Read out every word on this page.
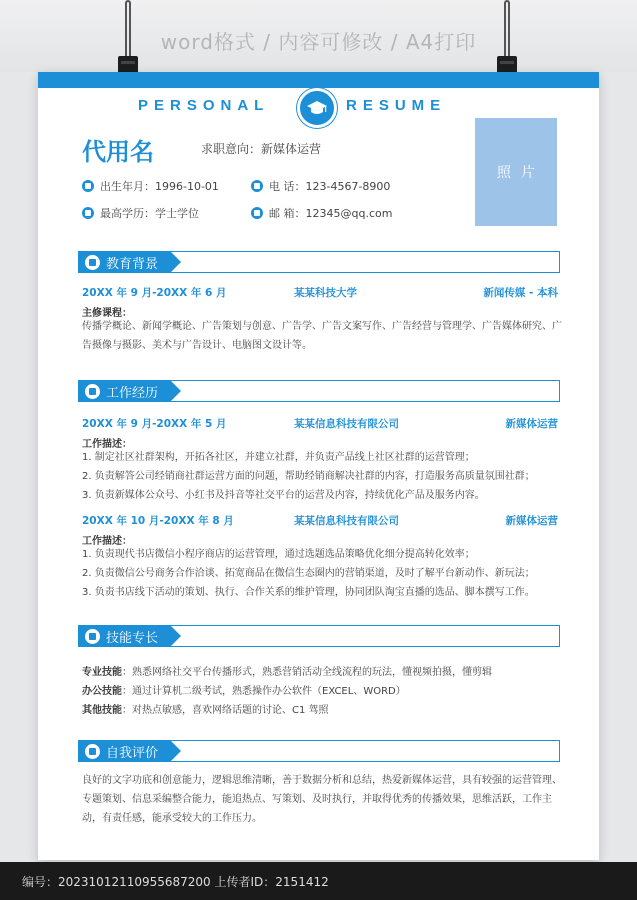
word格式 / 内容可修改 / A4打印
PERSONAL	RESUME
代用名	求职意向：新媒体运营
照片
出生年月：1996-10-01	电 话：123-4567-8900
最高学历：学士学位	邮 箱：12345@qq.com
教育背景
20XX 年 9 月-20XX 年 6 月	某某科技大学	新闻传媒 - 本科
主修课程：
传播学概论、新闻学概论、广告策划与创意、广告学、广告文案写作、广告经营与管理学、广告媒体研究、广告摄像与摄影、美术与广告设计、电脑图文设计等。
工作经历
20XX 年 9 月-20XX 年 5 月	某某信息科技有限公司	新媒体运营
工作描述：
1. 制定社区社群架构，开拓各社区，并建立社群，并负责产品线上社区社群的运营管理；
2. 负责解答公司经销商社群运营方面的问题，帮助经销商解决社群的内容，打造服务高质量氛围社群；
3. 负责新媒体公众号、小红书及抖音等社交平台的运营及内容，持续优化产品及服务内容。
20XX 年 10 月-20XX 年 8 月	某某信息科技有限公司	新媒体运营
工作描述：
1. 负责现代书店微信小程序商店的运营管理，通过选题选品策略优化细分提高转化效率；
2. 负责微信公号商务合作洽谈、拓宽商品在微信生态圈内的营销渠道，及时了解平台新动作、新玩法；
3. 负责书店线下活动的策划、执行、合作关系的维护管理，协同团队淘宝直播的选品、脚本撰写工作。
技能专长
专业技能：熟悉网络社交平台传播形式，熟悉营销活动全线流程的玩法，懂视频拍摄，懂剪辑
办公技能：通过计算机二级考试，熟悉操作办公软件（EXCEL、WORD）
其他技能：对热点敏感，喜欢网络话题的讨论、C1 驾照
自我评价
良好的文字功底和创意能力，逻辑思维清晰，善于数据分析和总结，热爱新媒体运营，具有较强的运营管理、专题策划、信息采编整合能力，能追热点、写策划、及时执行，并取得优秀的传播效果，思维活跃，工作主动，有责任感，能承受较大的工作压力。
编号：20231012110955687200 上传者ID：2151412
